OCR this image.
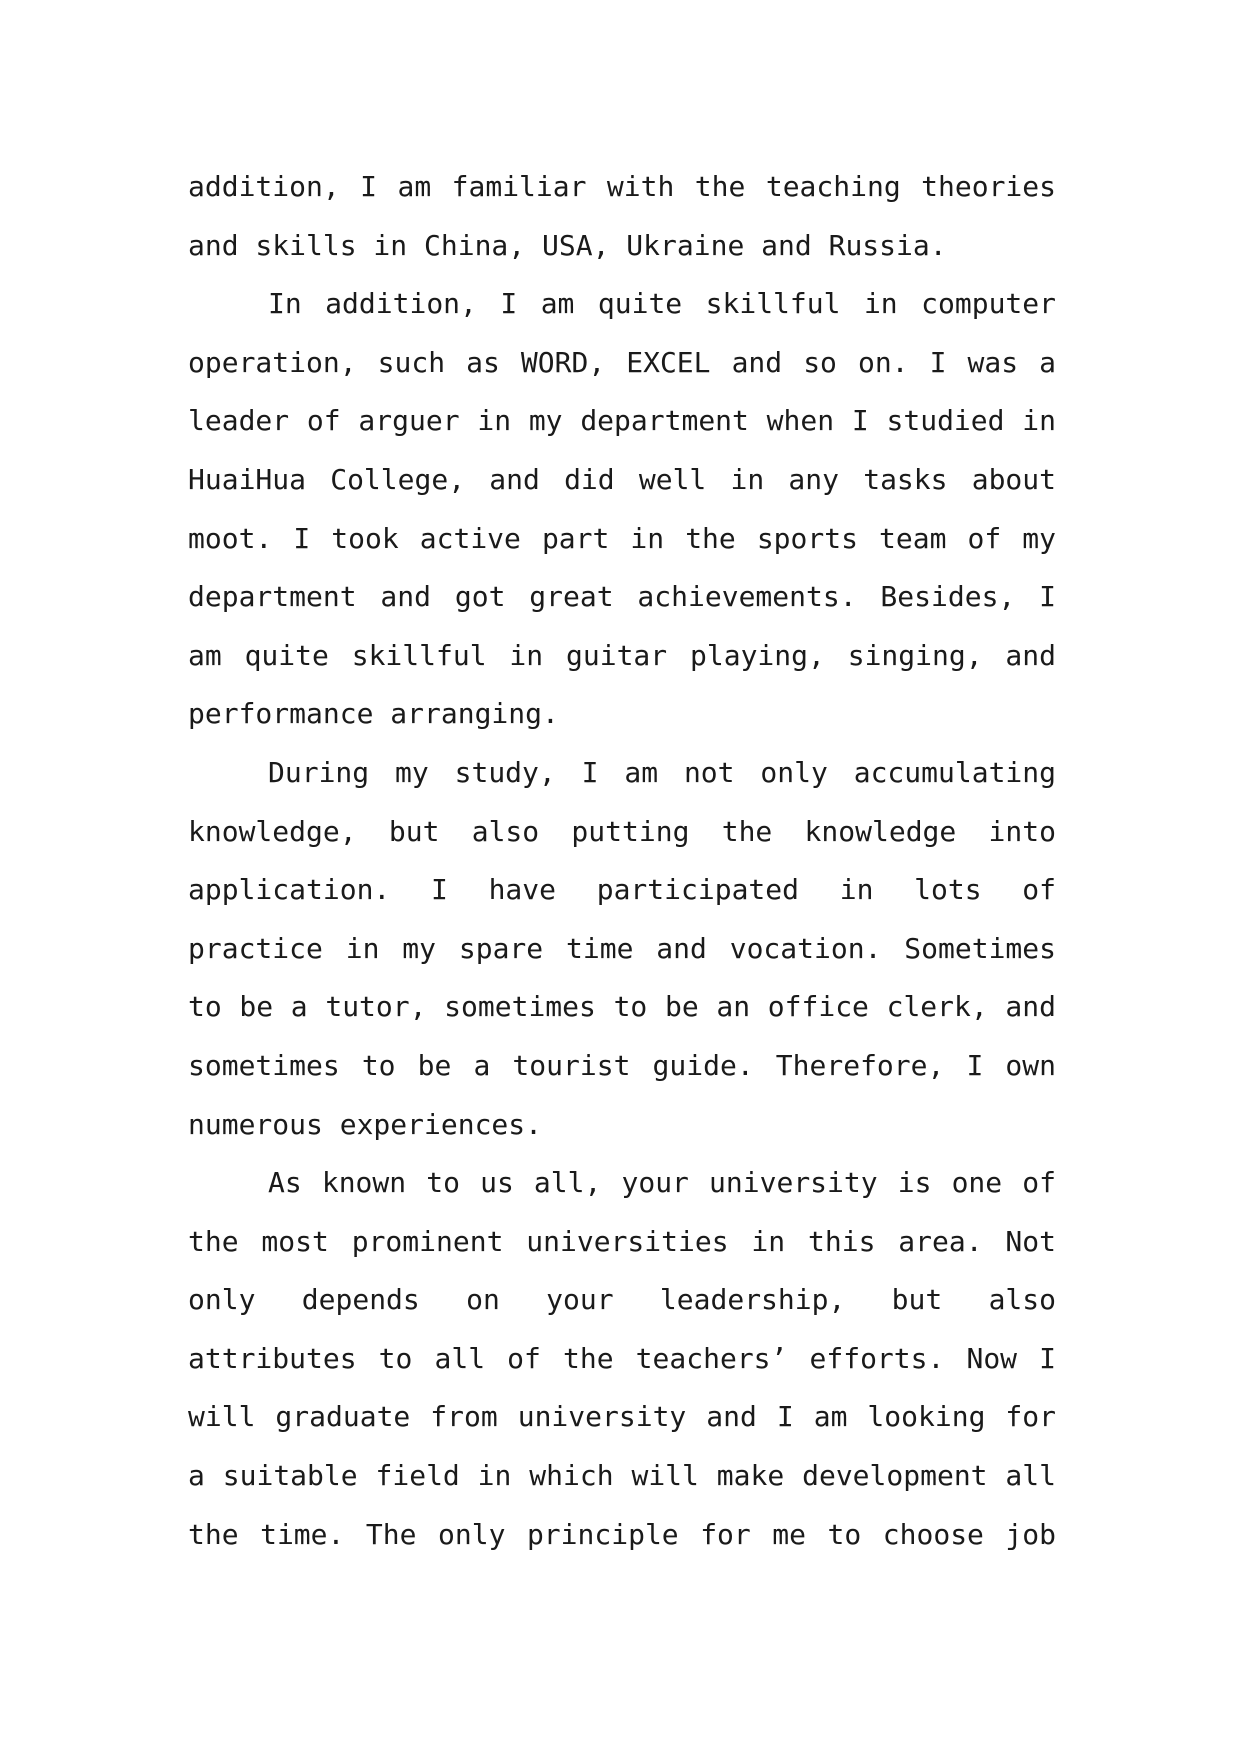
addition, I am familiar with the teaching theories
and skills in China, USA, Ukraine and Russia.
In addition, I am quite skillful in computer
operation, such as WORD, EXCEL and so on. I was a
leader of arguer in my department when I studied in
HuaiHua College, and did well in any tasks about
moot. I took active part in the sports team of my
department and got great achievements. Besides, I
am quite skillful in guitar playing, singing, and
performance arranging.
During my study, I am not only accumulating
knowledge, but also putting the knowledge into
application. I have participated in lots of
practice in my spare time and vocation. Sometimes
to be a tutor, sometimes to be an office clerk, and
sometimes to be a tourist guide. Therefore, I own
numerous experiences.
As known to us all, your university is one of
the most prominent universities in this area. Not
only depends on your leadership, but also
attributes to all of the teachers’ efforts. Now I
will graduate from university and I am looking for
a suitable field in which will make development all
the time. The only principle for me to choose job
